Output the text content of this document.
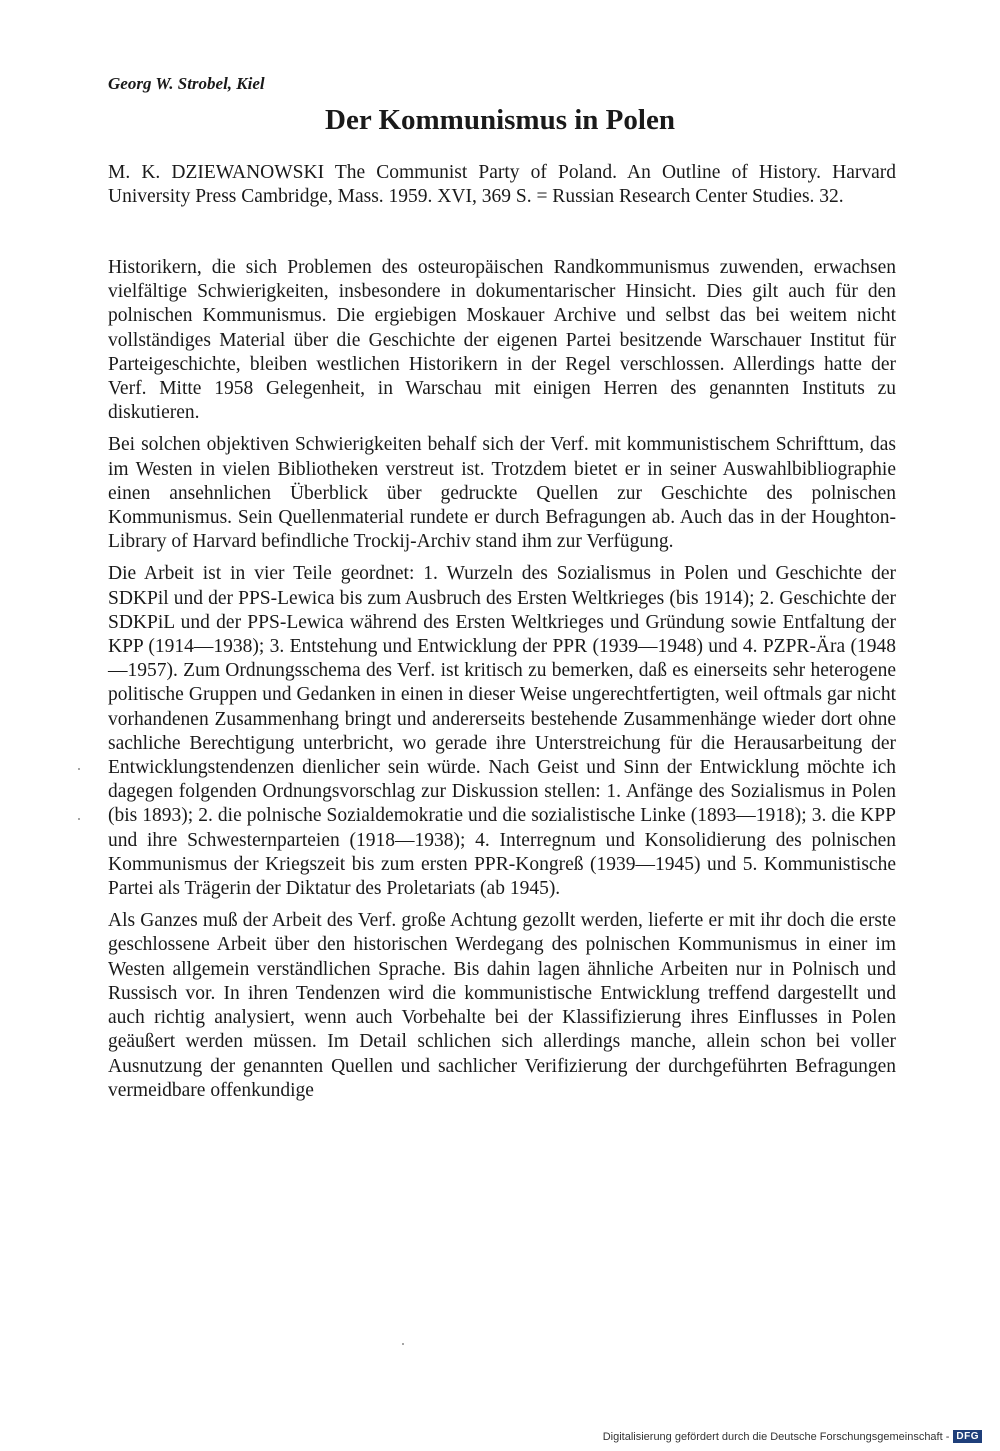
Georg W. Strobel, Kiel
Der Kommunismus in Polen

M. K. DZIEWANOWSKI The Communist Party of Poland. An Outline of History. Harvard University Press Cambridge, Mass. 1959. XVI, 369 S. = Russian Research Center Studies. 32.

Historikern, die sich Problemen des osteuropäischen Randkommunismus zuwenden, erwachsen vielfältige Schwierigkeiten, insbesondere in dokumentarischer Hinsicht. Dies gilt auch für den polnischen Kommunismus. Die ergiebigen Moskauer Archive und selbst das bei weitem nicht vollständiges Material über die Geschichte der eigenen Partei besitzende Warschauer Institut für Parteigeschichte, bleiben westlichen Historikern in der Regel verschlossen. Allerdings hatte der Verf. Mitte 1958 Gelegenheit, in Warschau mit einigen Herren des genannten Instituts zu diskutieren.

Bei solchen objektiven Schwierigkeiten behalf sich der Verf. mit kommunistischem Schrifttum, das im Westen in vielen Bibliotheken verstreut ist. Trotzdem bietet er in seiner Auswahlbibliographie einen ansehnlichen Überblick über gedruckte Quellen zur Geschichte des polnischen Kommunismus. Sein Quellenmaterial rundete er durch Befragungen ab. Auch das in der Houghton-Library of Harvard befindliche Trockij-Archiv stand ihm zur Verfügung.

Die Arbeit ist in vier Teile geordnet: 1. Wurzeln des Sozialismus in Polen und Geschichte der SDKPil und der PPS-Lewica bis zum Ausbruch des Ersten Weltkrieges (bis 1914); 2. Geschichte der SDKPiL und der PPS-Lewica während des Ersten Weltkrieges und Gründung sowie Entfaltung der KPP (1914—1938); 3. Entstehung und Entwicklung der PPR (1939—1948) und 4. PZPR-Ära (1948—1957). Zum Ordnungsschema des Verf. ist kritisch zu bemerken, daß es einerseits sehr heterogene politische Gruppen und Gedanken in einen in dieser Weise ungerechtfertigten, weil oftmals gar nicht vorhandenen Zusammenhang bringt und andererseits bestehende Zusammenhänge wieder dort ohne sachliche Berechtigung unterbricht, wo gerade ihre Unterstreichung für die Herausarbeitung der Entwicklungstendenzen dienlicher sein würde. Nach Geist und Sinn der Entwicklung möchte ich dagegen folgenden Ordnungsvorschlag zur Diskussion stellen: 1. Anfänge des Sozialismus in Polen (bis 1893); 2. die polnische Sozialdemokratie und die sozialistische Linke (1893—1918); 3. die KPP und ihre Schwesternparteien (1918—1938); 4. Interregnum und Konsolidierung des polnischen Kommunismus der Kriegszeit bis zum ersten PPR-Kongreß (1939—1945) und 5. Kommunistische Partei als Trägerin der Diktatur des Proletariats (ab 1945).

Als Ganzes muß der Arbeit des Verf. große Achtung gezollt werden, lieferte er mit ihr doch die erste geschlossene Arbeit über den historischen Werdegang des polnischen Kommunismus in einer im Westen allgemein verständlichen Sprache. Bis dahin lagen ähnliche Arbeiten nur in Polnisch und Russisch vor. In ihren Tendenzen wird die kommunistische Entwicklung treffend dargestellt und auch richtig analysiert, wenn auch Vorbehalte bei der Klassifizierung ihres Einflusses in Polen geäußert werden müssen. Im Detail schlichen sich allerdings manche, allein schon bei voller Ausnutzung der genannten Quellen und sachlicher Verifizierung der durchgeführten Befragungen vermeidbare offenkundige

Digitalisierung gefördert durch die Deutsche Forschungsgemeinschaft - DFG
